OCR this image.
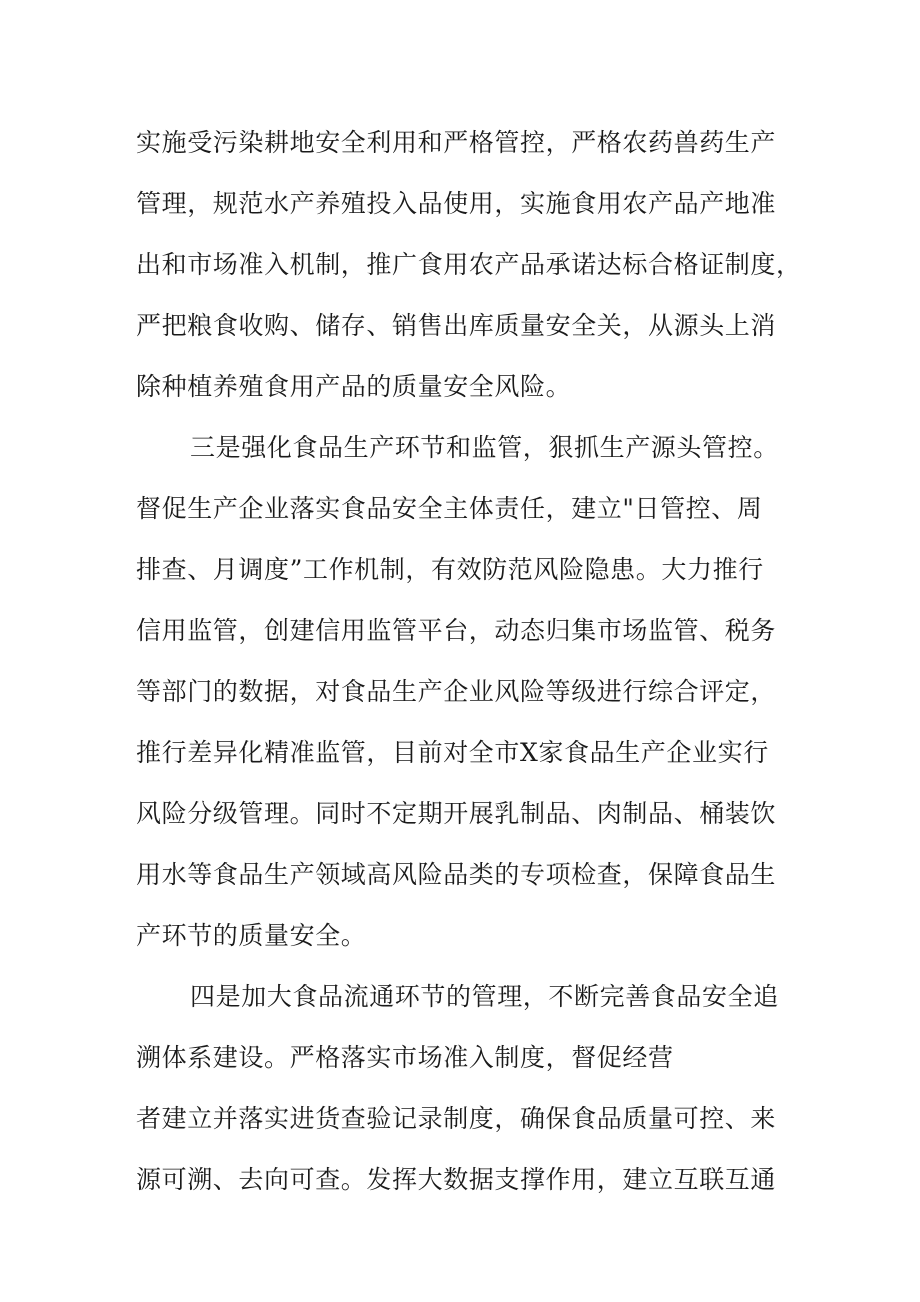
实施受污染耕地安全利用和严格管控，严格农药兽药生产
管理，规范水产养殖投入品使用，实施食用农产品产地准
出和市场准入机制，推广食用农产品承诺达标合格证制度，
严把粮食收购、储存、销售出库质量安全关，从源头上消
除种植养殖食用产品的质量安全风险。
三是强化食品生产环节和监管，狠抓生产源头管控。
督促生产企业落实食品安全主体责任，建立"日管控、周
排查、月调度”工作机制，有效防范风险隐患。大力推行
信用监管，创建信用监管平台，动态归集市场监管、税务
等部门的数据，对食品生产企业风险等级进行综合评定，
推行差异化精准监管，目前对全市X家食品生产企业实行
风险分级管理。同时不定期开展乳制品、肉制品、桶装饮
用水等食品生产领域高风险品类的专项检查，保障食品生
产环节的质量安全。
四是加大食品流通环节的管理，不断完善食品安全追
溯体系建设。严格落实市场准入制度，督促经营
者建立并落实进货查验记录制度，确保食品质量可控、来
源可溯、去向可查。发挥大数据支撑作用，建立互联互通
